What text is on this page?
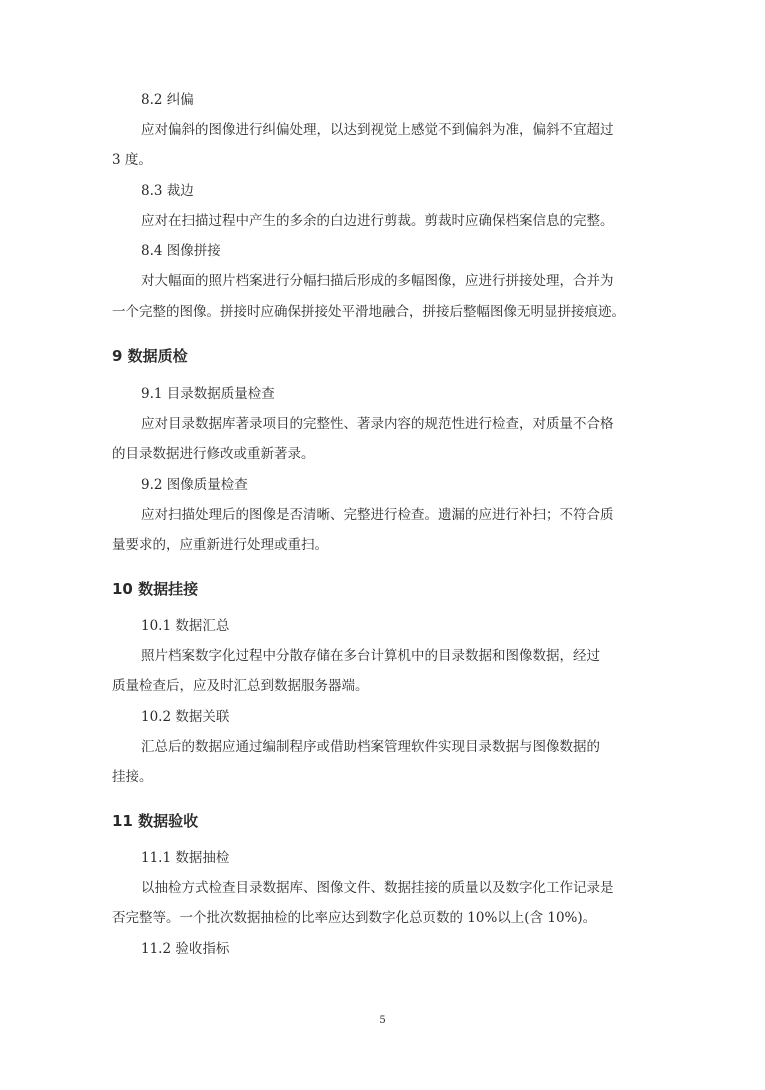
8.2 纠偏
应对偏斜的图像进行纠偏处理，以达到视觉上感觉不到偏斜为准，偏斜不宜超过
3 度。
8.3 裁边
应对在扫描过程中产生的多余的白边进行剪裁。剪裁时应确保档案信息的完整。
8.4 图像拼接
对大幅面的照片档案进行分幅扫描后形成的多幅图像，应进行拼接处理，合并为
一个完整的图像。拼接时应确保拼接处平滑地融合，拼接后整幅图像无明显拼接痕迹。
9 数据质检
9.1 目录数据质量检查
应对目录数据库著录项目的完整性、著录内容的规范性进行检查，对质量不合格
的目录数据进行修改或重新著录。
9.2 图像质量检查
应对扫描处理后的图像是否清晰、完整进行检查。遗漏的应进行补扫；不符合质
量要求的，应重新进行处理或重扫。
10 数据挂接
10.1 数据汇总
照片档案数字化过程中分散存储在多台计算机中的目录数据和图像数据，经过
质量检查后，应及时汇总到数据服务器端。
10.2 数据关联
汇总后的数据应通过编制程序或借助档案管理软件实现目录数据与图像数据的
挂接。
11 数据验收
11.1 数据抽检
以抽检方式检查目录数据库、图像文件、数据挂接的质量以及数字化工作记录是
否完整等。一个批次数据抽检的比率应达到数字化总页数的 10%以上(含 10%)。
11.2 验收指标
5
